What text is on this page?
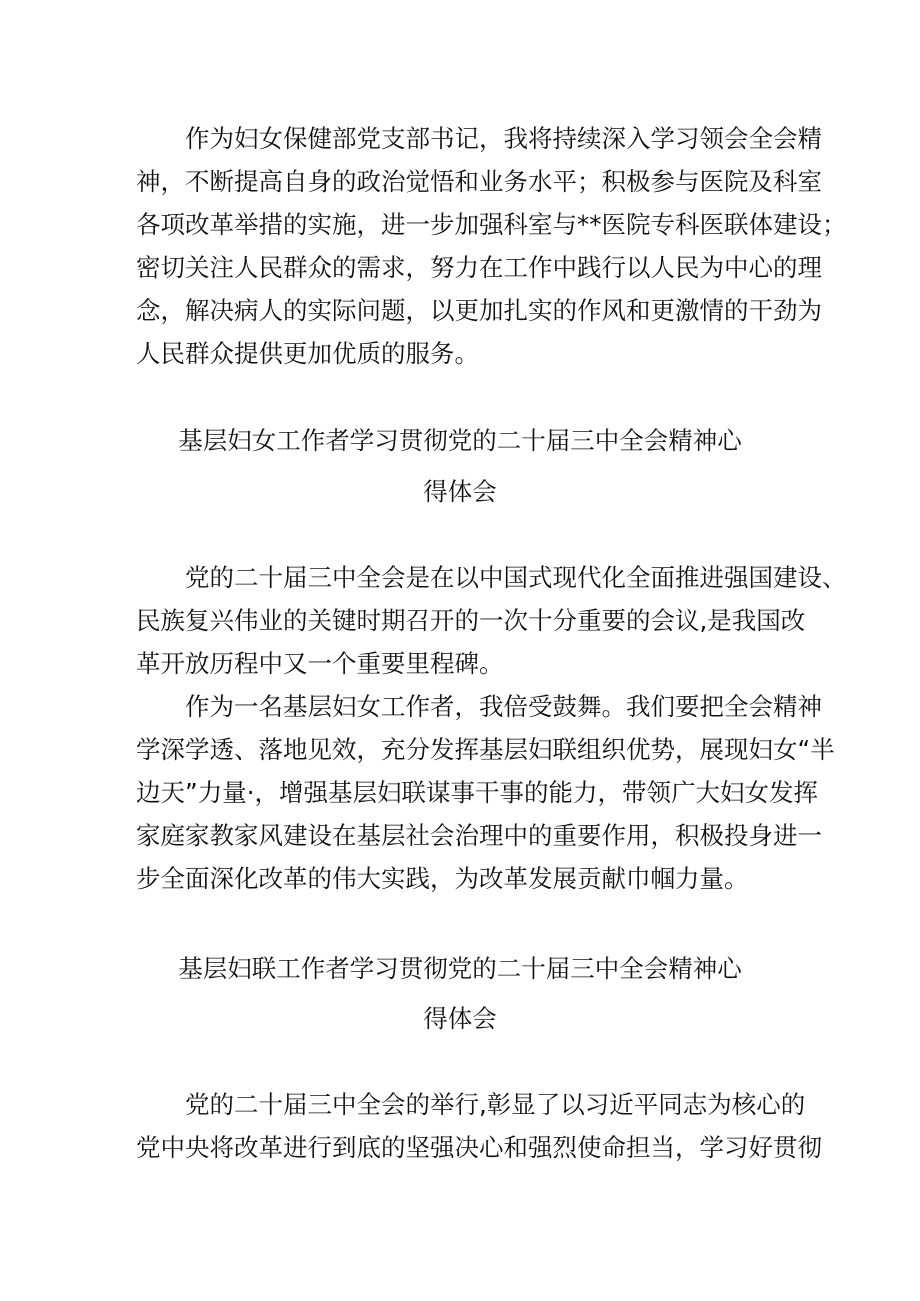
作为妇女保健部党支部书记，我将持续深入学习领会全会精
神，不断提高自身的政治觉悟和业务水平；积极参与医院及科室
各项改革举措的实施，进一步加强科室与**医院专科医联体建设；
密切关注人民群众的需求，努力在工作中践行以人民为中心的理
念，解决病人的实际问题，以更加扎实的作风和更激情的干劲为
人民群众提供更加优质的服务。
基层妇女工作者学习贯彻党的二十届三中全会精神心
得体会
党的二十届三中全会是在以中国式现代化全面推进强国建设、
民族复兴伟业的关键时期召开的一次十分重要的会议,是我国改
革开放历程中又一个重要里程碑。
作为一名基层妇女工作者，我倍受鼓舞。我们要把全会精神
学深学透、落地见效，充分发挥基层妇联组织优势，展现妇女“半
边天”力量·，增强基层妇联谋事干事的能力，带领广大妇女发挥
家庭家教家风建设在基层社会治理中的重要作用，积极投身进一
步全面深化改革的伟大实践，为改革发展贡献巾帼力量。
基层妇联工作者学习贯彻党的二十届三中全会精神心
得体会
党的二十届三中全会的举行,彰显了以习近平同志为核心的
党中央将改革进行到底的坚强决心和强烈使命担当，学习好贯彻
